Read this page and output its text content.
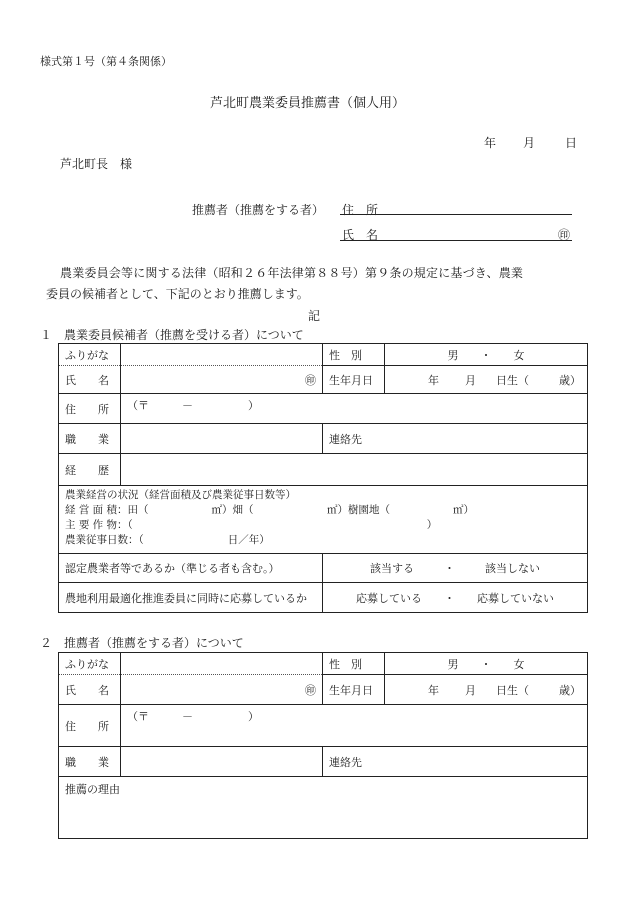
様式第１号（第４条関係）
芦北町農業委員推薦書（個人用）
年 月 日
芦北町長　様
推薦者（推薦をする者） 住　所
氏　名	㊞
農業委員会等に関する法律（昭和２６年法律第８８号）第９条の規定に基づき、農業
委員の候補者として、下記のとおり推薦します。
記
１　農業委員候補者（推薦を受ける者）について
ふりがな		性　別	男 ・ 女
氏　　名	㊞	生年月日	年 月 日生（ 歳）
住　　所	（〒　　　－　　　　　）		
職　　業		連絡先	
経　　歴			

農業経営の状況（経営面積及び農業従事日数等）
経 営 面 積：田（　　　　　　㎡）畑（　　　　　　　㎡）樹園地（　　　　　　㎡）
主 要 作 物：（　　　　　　　　　　　　　　　　　　　　　　　　　　　　）
農業従事日数：（　　　　　　　　日／年）			

認定農業者等であるか（準じる者も含む。）		該当する ・ 該当しない	
農地利用最適化推進委員に同時に応募しているか		応募している ・ 応募していない	
２　推薦者（推薦をする者）について
ふりがな		性　別	男 ・ 女
氏　　名	㊞	生年月日	年 月 日生（ 歳）
住　　所	（〒　　　－　　　　　）		
職　　業		連絡先	
推薦の理由			
